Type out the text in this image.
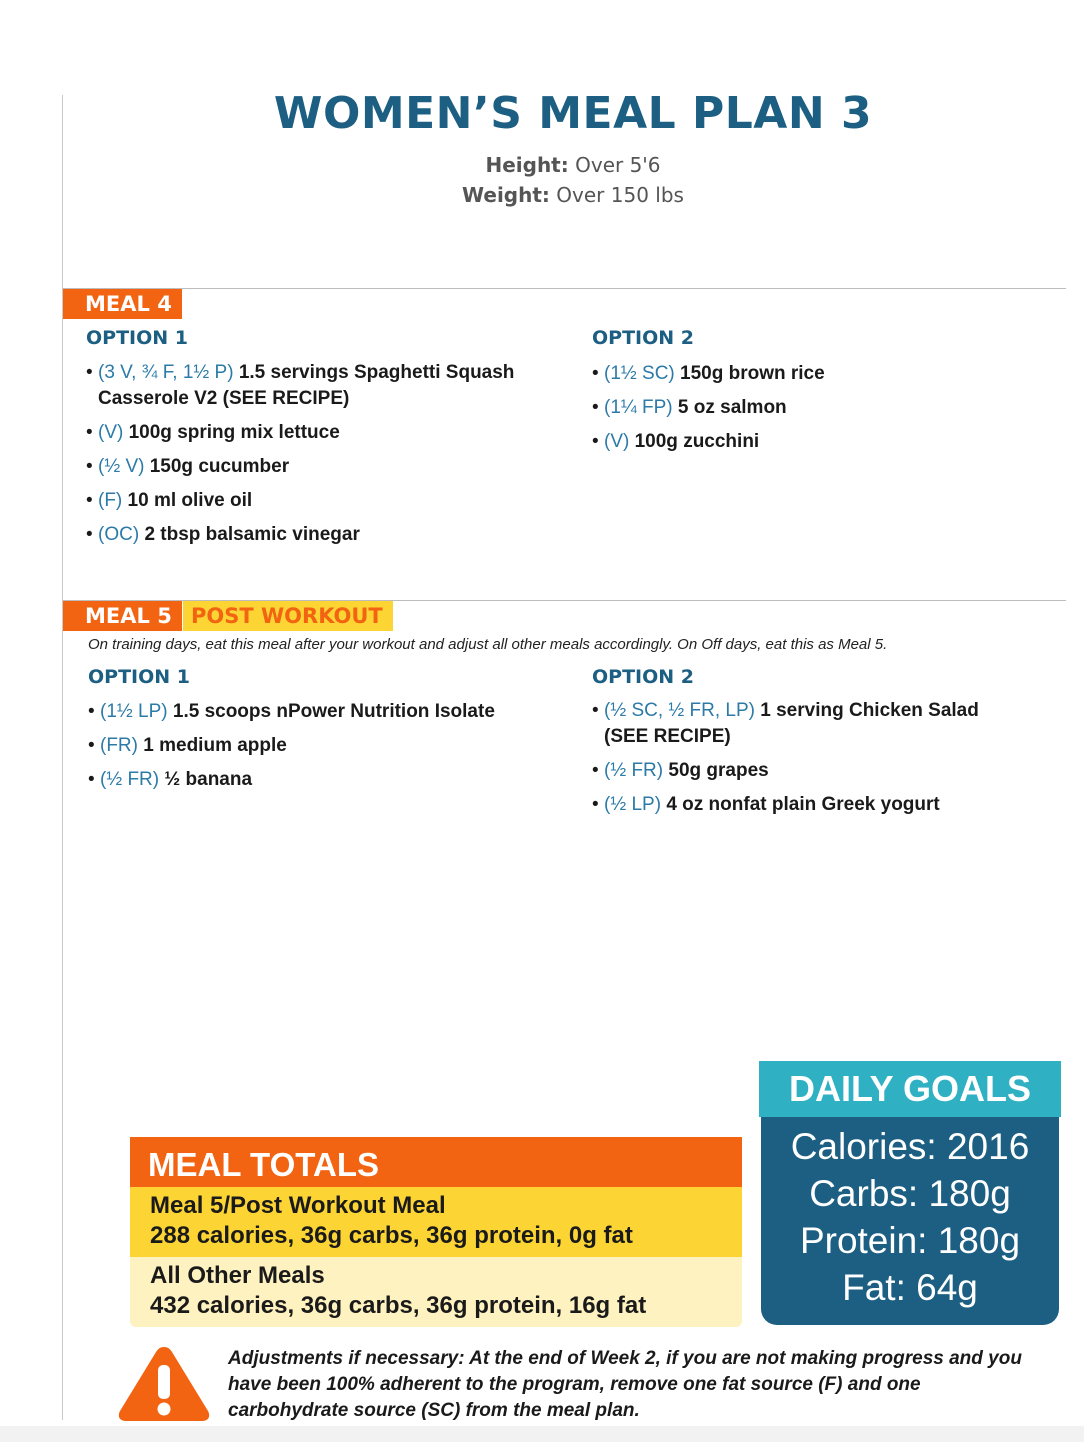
WOMEN’S MEAL PLAN 3
Height: Over 5'6
Weight: Over 150 lbs
MEAL 4
OPTION 1
• (3 V, ¾ F, 1½ P) 1.5 servings Spaghetti Squash Casserole V2 (SEE RECIPE)
• (V) 100g spring mix lettuce
• (½ V) 150g cucumber
• (F) 10 ml olive oil
• (OC) 2 tbsp balsamic vinegar
OPTION 2
• (1½ SC) 150g brown rice
• (1¼ FP) 5 oz salmon
• (V) 100g zucchini
MEAL 5 POST WORKOUT
On training days, eat this meal after your workout and adjust all other meals accordingly. On Off days, eat this as Meal 5.
OPTION 1
• (1½ LP) 1.5 scoops nPower Nutrition Isolate
• (FR) 1 medium apple
• (½ FR) ½ banana
OPTION 2
• (½ SC, ½ FR, LP) 1 serving Chicken Salad (SEE RECIPE)
• (½ FR) 50g grapes
• (½ LP) 4 oz nonfat plain Greek yogurt
MEAL TOTALS
Meal 5/Post Workout Meal
288 calories, 36g carbs, 36g protein, 0g fat
All Other Meals
432 calories, 36g carbs, 36g protein, 16g fat
DAILY GOALS
Calories: 2016
Carbs: 180g
Protein: 180g
Fat: 64g
Adjustments if necessary: At the end of Week 2, if you are not making progress and you have been 100% adherent to the program, remove one fat source (F) and one carbohydrate source (SC) from the meal plan.
